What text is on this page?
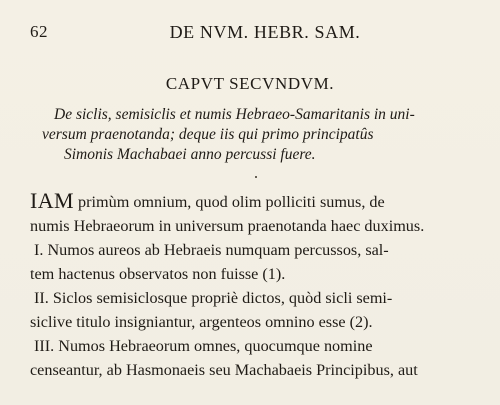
62	DE NVM. HEBR. SAM.
CAPVT SECVNDVM.
De siclis, semisiclis et numis Hebraeo-Samaritanis in uni-
versum praenotanda; deque iis qui primo principatûs
Simonis Machabaei anno percussi fuere.
IAM primùm omnium, quod olim polliciti sumus, de
numis Hebraeorum in universum praenotanda haec duximus.
I. Numos aureos ab Hebraeis numquam percussos, sal-
tem hactenus observatos non fuisse (1).
II. Siclos semisiclosque propriè dictos, quòd sicli semi-
siclive titulo insigniantur, argenteos omnino esse (2).
III. Numos Hebraeorum omnes, quocumque nomine
censeantur, ab Hasmonaeis seu Machabaeis Principibus, aut
